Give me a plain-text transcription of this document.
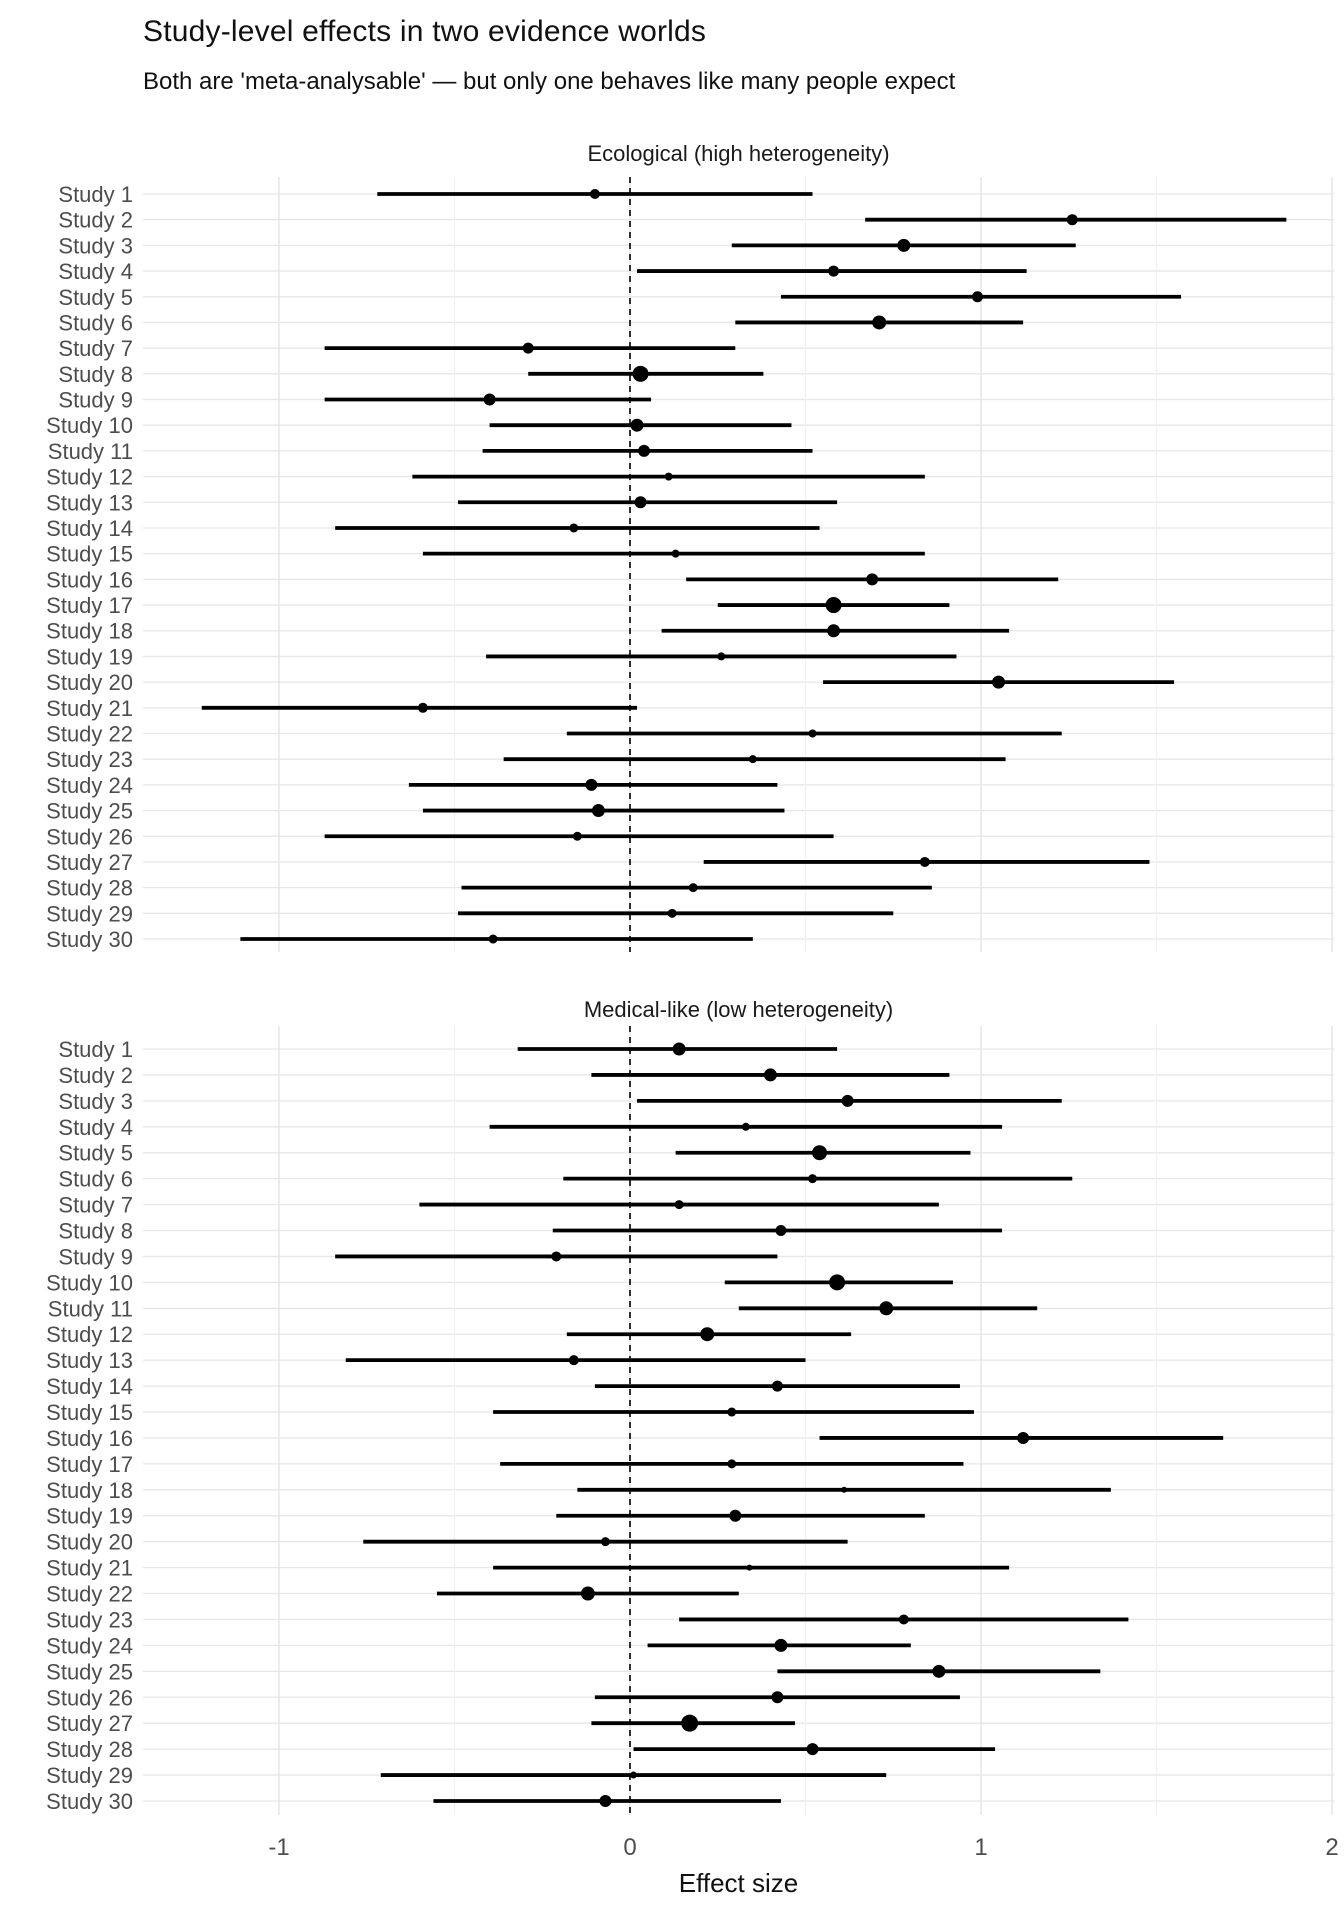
Study 1
Study 2
Study 3
Study 4
Study 5
Study 6
Study 7
Study 8
Study 9
Study 10
Study 11
Study 12
Study 13
Study 14
Study 15
Study 16
Study 17
Study 18
Study 19
Study 20
Study 21
Study 22
Study 23
Study 24
Study 25
Study 26
Study 27
Study 28
Study 29
Study 30
Study 1
Study 2
Study 3
Study 4
Study 5
Study 6
Study 7
Study 8
Study 9
Study 10
Study 11
Study 12
Study 13
Study 14
Study 15
Study 16
Study 17
Study 18
Study 19
Study 20
Study 21
Study 22
Study 23
Study 24
Study 25
Study 26
Study 27
Study 28
Study 29
Study 30
-1	0	1	2
Study-level effects in two evidence worlds
Both are 'meta-analysable' — but only one behaves like many people expect
Ecological (high heterogeneity)
Medical-like (low heterogeneity)
Effect size
